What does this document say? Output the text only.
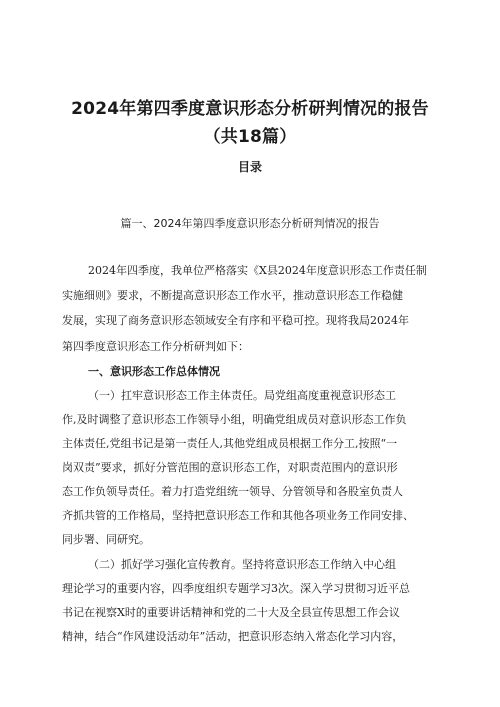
2024年第四季度意识形态分析研判情况的报告
（共18篇）
目录
篇一、2024年第四季度意识形态分析研判情况的报告
2024年四季度，我单位严格落实《X县2024年度意识形态工作责任制
实施细则》要求，不断提高意识形态工作水平，推动意识形态工作稳健
发展，实现了商务意识形态领域安全有序和平稳可控。现将我局2024年
第四季度意识形态工作分析研判如下：
一、意识形态工作总体情况
（一）扛牢意识形态工作主体责任。局党组高度重视意识形态工
作,及时调整了意识形态工作领导小组，明确党组成员对意识形态工作负
主体责任,党组书记是第一责任人,其他党组成员根据工作分工,按照“一
岗双责”要求，抓好分管范围的意识形态工作，对职责范围内的意识形
态工作负领导责任。着力打造党组统一领导、分管领导和各股室负责人
齐抓共管的工作格局，坚持把意识形态工作和其他各项业务工作同安排、
同步署、同研究。
（二）抓好学习强化宣传教育。坚持将意识形态工作纳入中心组
理论学习的重要内容，四季度组织专题学习3次。深入学习贯彻习近平总
书记在视察X时的重要讲话精神和党的二十大及全县宣传思想工作会议
精神，结合“作风建设活动年”活动，把意识形态纳入常态化学习内容，
